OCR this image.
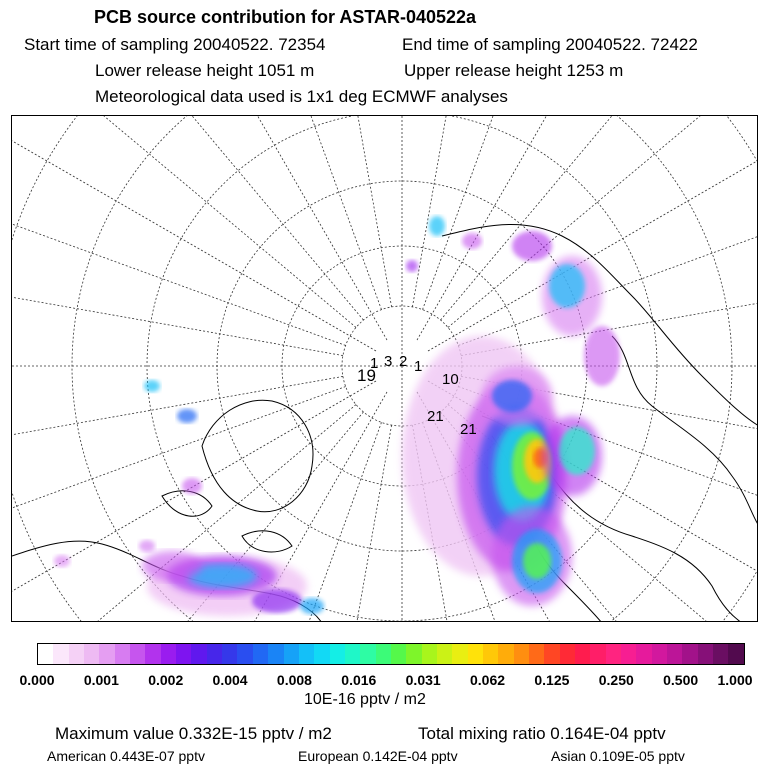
PCB source contribution for ASTAR-040522a
Start time of sampling 20040522. 72354	End time of sampling 20040522. 72422
Lower release height 1051 m	Upper release height 1253 m
Meteorological data used is 1x1 deg ECMWF analyses
1 3 2 1
19	10
21
21
0.000 0.001 0.002 0.004 0.008 0.016 0.031 0.062 0.125 0.250 0.500 1.000
10E-16 pptv / m2
Maximum value 0.332E-15 pptv / m2	Total mixing ratio 0.164E-04 pptv
American 0.443E-07 pptv	European 0.142E-04 pptv	Asian 0.109E-05 pptv
